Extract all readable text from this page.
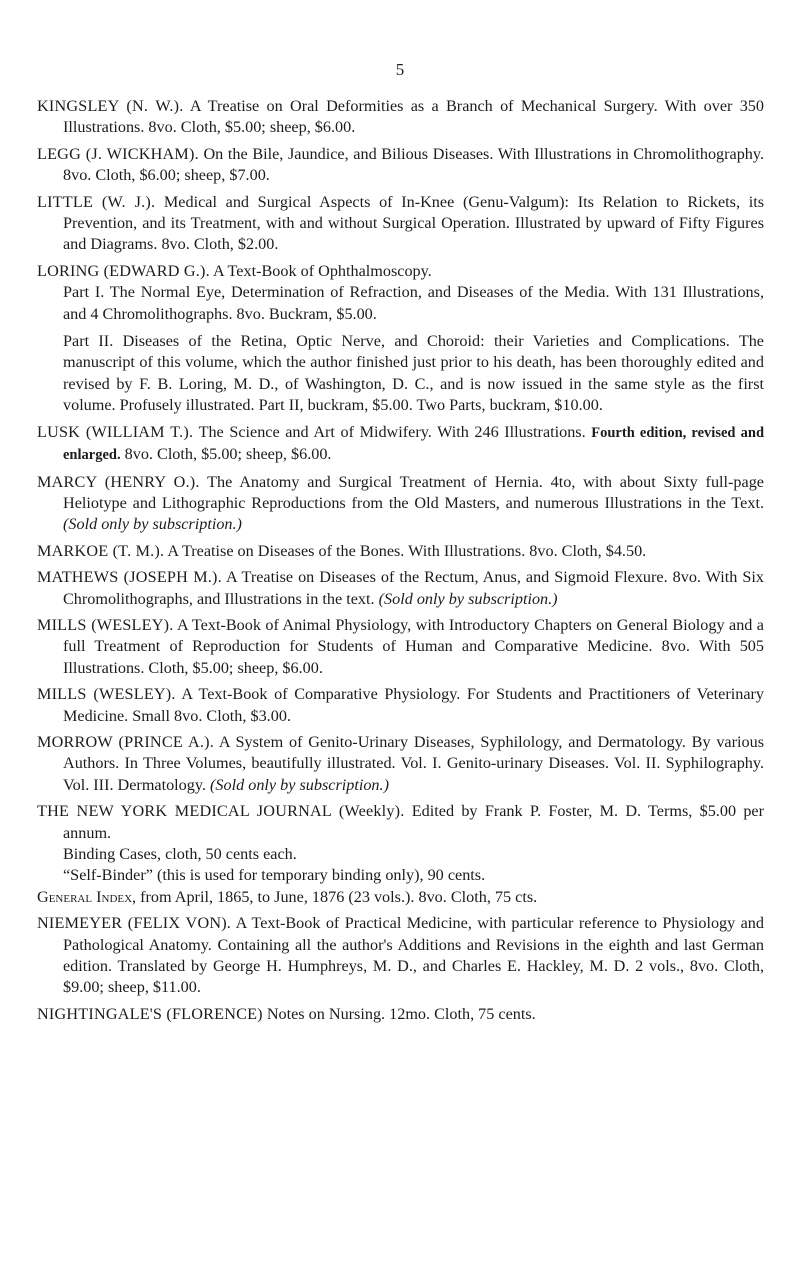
5

KINGSLEY (N. W.). A Treatise on Oral Deformities as a Branch of Mechanical Surgery. With over 350 Illustrations. 8vo. Cloth, $5.00; sheep, $6.00.

LEGG (J. WICKHAM). On the Bile, Jaundice, and Bilious Diseases. With Illustrations in Chromolithography. 8vo. Cloth, $6.00; sheep, $7.00.

LITTLE (W. J.). Medical and Surgical Aspects of In-Knee (Genu-Valgum): Its Relation to Rickets, its Prevention, and its Treatment, with and without Surgical Operation. Illustrated by upward of Fifty Figures and Diagrams. 8vo. Cloth, $2.00.

LORING (EDWARD G.). A Text-Book of Ophthalmoscopy.

Part I. The Normal Eye, Determination of Refraction, and Diseases of the Media. With 131 Illustrations, and 4 Chromolithographs. 8vo. Buckram, $5.00.

Part II. Diseases of the Retina, Optic Nerve, and Choroid: their Varieties and Complications. The manuscript of this volume, which the author finished just prior to his death, has been thoroughly edited and revised by F. B. Loring, M. D., of Washington, D. C., and is now issued in the same style as the first volume. Profusely illustrated. Part II, buckram, $5.00. Two Parts, buckram, $10.00.

LUSK (WILLIAM T.). The Science and Art of Midwifery. With 246 Illustrations. Fourth edition, revised and enlarged. 8vo. Cloth, $5.00; sheep, $6.00.

MARCY (HENRY O.). The Anatomy and Surgical Treatment of Hernia. 4to, with about Sixty full-page Heliotype and Lithographic Reproductions from the Old Masters, and numerous Illustrations in the Text. (Sold only by subscription.)

MARKOE (T. M.). A Treatise on Diseases of the Bones. With Illustrations. 8vo. Cloth, $4.50.

MATHEWS (JOSEPH M.). A Treatise on Diseases of the Rectum, Anus, and Sigmoid Flexure. 8vo. With Six Chromolithographs, and Illustrations in the text. (Sold only by subscription.)

MILLS (WESLEY). A Text-Book of Animal Physiology, with Introductory Chapters on General Biology and a full Treatment of Reproduction for Students of Human and Comparative Medicine. 8vo. With 505 Illustrations. Cloth, $5.00; sheep, $6.00.

MILLS (WESLEY). A Text-Book of Comparative Physiology. For Students and Practitioners of Veterinary Medicine. Small 8vo. Cloth, $3.00.

MORROW (PRINCE A.). A System of Genito-Urinary Diseases, Syphilology, and Dermatology. By various Authors. In Three Volumes, beautifully illustrated. Vol. I. Genito-urinary Diseases. Vol. II. Syphilography. Vol. III. Dermatology. (Sold only by subscription.)

THE NEW YORK MEDICAL JOURNAL (Weekly). Edited by Frank P. Foster, M. D. Terms, $5.00 per annum.

Binding Cases, cloth, 50 cents each.

“Self-Binder” (this is used for temporary binding only), 90 cents.

General Index, from April, 1865, to June, 1876 (23 vols.). 8vo. Cloth, 75 cts.

NIEMEYER (FELIX VON). A Text-Book of Practical Medicine, with particular reference to Physiology and Pathological Anatomy. Containing all the author's Additions and Revisions in the eighth and last German edition. Translated by George H. Humphreys, M. D., and Charles E. Hackley, M. D. 2 vols., 8vo. Cloth, $9.00; sheep, $11.00.

NIGHTINGALE'S (FLORENCE) Notes on Nursing. 12mo. Cloth, 75 cents.
